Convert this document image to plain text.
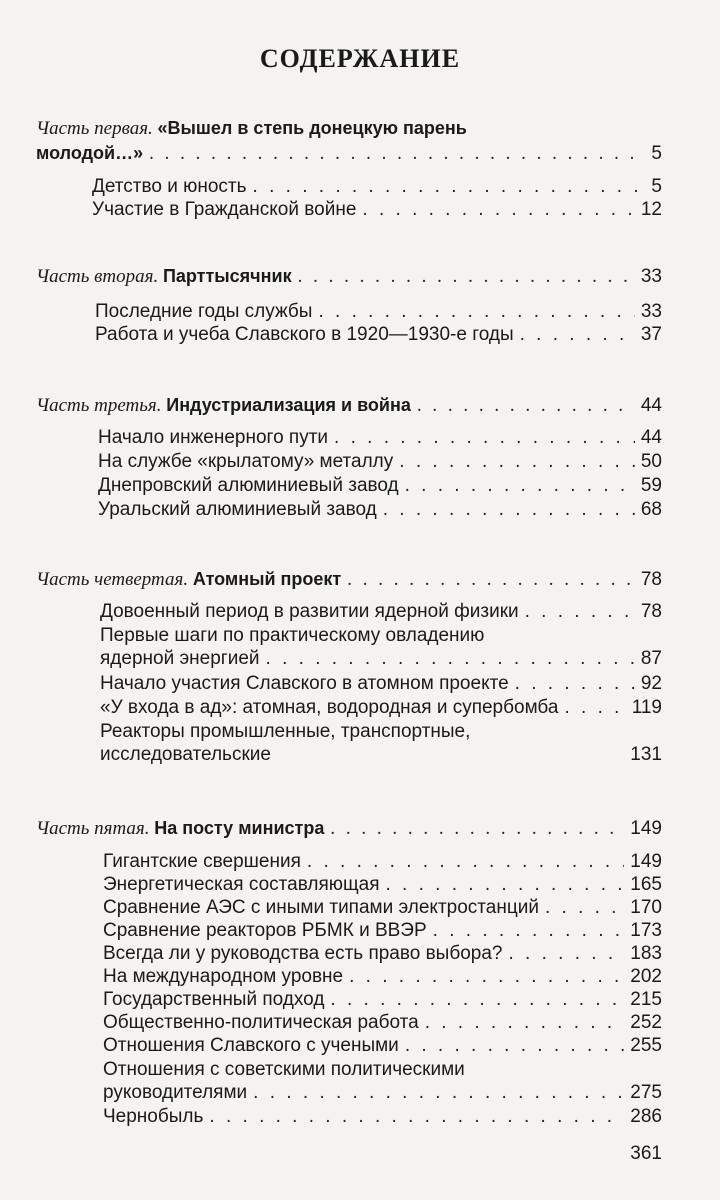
СОДЕРЖАНИЕ
Часть первая. «Вышел в степь донецкую парень
молодой…» . . .	5
Детство и юность . . .	5
Участие в Гражданской войне . . .	12
Часть вторая. Парттысячник . . .	33
Последние годы службы . . .	33
Работа и учеба Славского в 1920—1930-е годы . . .	37
Часть третья. Индустриализация и война . . .	44
Начало инженерного пути . . .	44
На службе «крылатому» металлу . . .	50
Днепровский алюминиевый завод . . .	59
Уральский алюминиевый завод . . .	68
Часть четвертая. Атомный проект . . .	78
Довоенный период в развитии ядерной физики . . .	78
Первые шаги по практическому овладению
ядерной энергией . . .	87
Начало участия Славского в атомном проекте . . .	92
«У входа в ад»: атомная, водородная и супербомба . . .	119
Реакторы промышленные, транспортные,
исследовательские	131
Часть пятая. На посту министра . . .	149
Гигантские свершения . . .	149
Энергетическая составляющая . . .	165
Сравнение АЭС с иными типами электростанций . . .	170
Сравнение реакторов РБМК и ВВЭР . . .	173
Всегда ли у руководства есть право выбора? . . .	183
На международном уровне . . .	202
Государственный подход . . .	215
Общественно-политическая работа . . .	252
Отношения Славского с учеными . . .	255
Отношения с советскими политическими
руководителями . . .	275
Чернобыль . . .	286
361
